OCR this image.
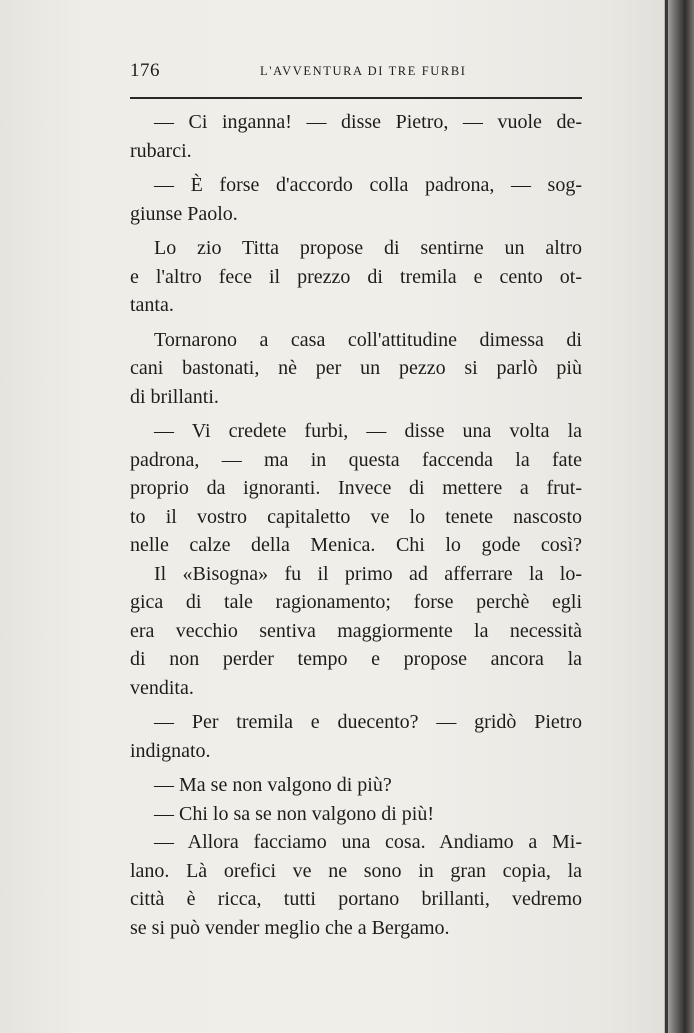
176	L'AVVENTURA DI TRE FURBI
— Ci inganna! — disse Pietro, — vuole de-
rubarci.
— È forse d'accordo colla padrona, — sog-
giunse Paolo.
Lo zio Titta propose di sentirne un altro
e l'altro fece il prezzo di tremila e cento ot-
tanta.
Tornarono a casa coll'attitudine dimessa di
cani bastonati, nè per un pezzo si parlò più
di brillanti.
— Vi credete furbi, — disse una volta la
padrona, — ma in questa faccenda la fate
proprio da ignoranti. Invece di mettere a frut-
to il vostro capitaletto ve lo tenete nascosto
nelle calze della Menica. Chi lo gode così?
Il «Bisogna» fu il primo ad afferrare la lo-
gica di tale ragionamento; forse perchè egli
era vecchio sentiva maggiormente la necessità
di non perder tempo e propose ancora la
vendita.
— Per tremila e duecento? — gridò Pietro
indignato.
— Ma se non valgono di più?
— Chi lo sa se non valgono di più!
— Allora facciamo una cosa. Andiamo a Mi-
lano. Là orefici ve ne sono in gran copia, la
città è ricca, tutti portano brillanti, vedremo
se si può vender meglio che a Bergamo.
